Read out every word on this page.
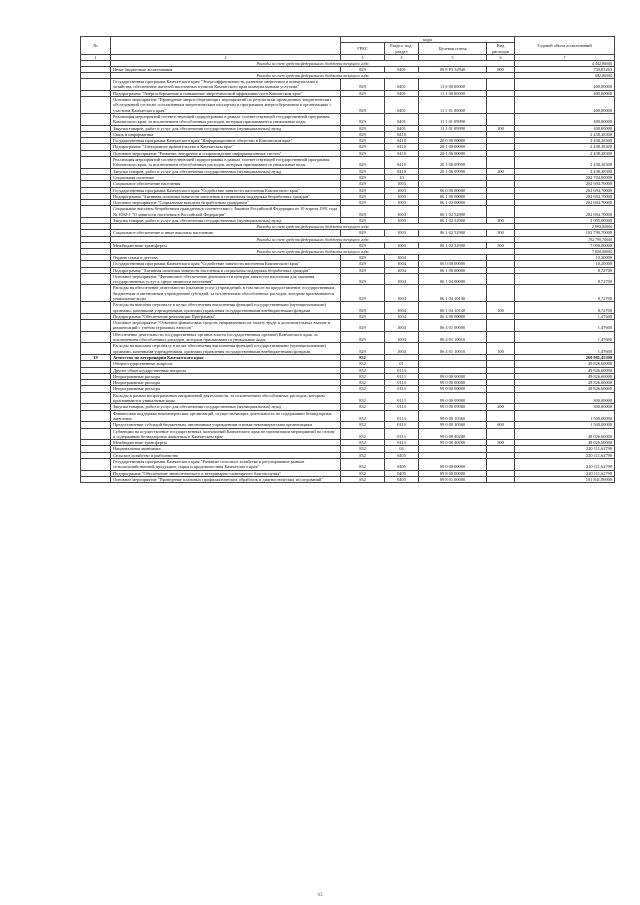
№		коды				Годовой объем ассигнований
		ГРБС	Раздел, под-раздел	Целевая статья	Вид расходов	
1	2	3	4	5	6	7
	Расходы за счет средств федерального бюджета текущего года					4 442,80000
	Иные бюджетные ассигнования	829	0401	06 9 Р3 52940	800	739,05263
	Расходы за счет средств федерального бюджета текущего года					692,80000
	Государственная программа Камчатского края "Энергоэффективность, развитие энергетики и коммунального хозяйства, обеспечение жителей населенных пунктов Камчатского края коммунальными услугами"	829	0401	11 0 00 00000		400,00000
	Подпрограмма "Энергосбережение и повышение энергетической эффективности в Камчатском крае"	829	0401	11 1 00 00000		400,00000
	Основное мероприятие "Проведение энергосберегающих мероприятий по результатам проведенных энергетических обследований согласно составленным энергетическим паспортам и программам энергосбережения в организациях с участием Камчатского края"	829	0401	11 1 01 00000		400,00000
	Реализация мероприятий соответствующей подпрограммы в рамках соответствующей государственной программы Камчатского края, за исключением обособленных расходов, которым присваиваются уникальные коды	829	0401	11 1 01 09990		400,00000
	Закупка товаров, работ и услуг для обеспечения государственных (муниципальных) нужд	829	0401	11 1 01 09990	200	400,00000
	Связь и информатика	829	0410			2 438,28300
	Государственная программа Камчатского края "Информационное общество в Камчатском крае"	829	0410	20 0 00 00000		2 438,28300
	Подпрограмма "Электронное правительство в Камчатском крае"	829	0410	20 1 00 00000		2 438,28300
	Основное мероприятие "Развитие, внедрение и сопровождение информационных систем"	829	0410	20 1 06 00000		2 438,28300
	Реализация мероприятий соответствующей подпрограммы в рамках соответствующей государственной программы Камчатского края, за исключением обособленных расходов, которым присваиваются уникальные коды	829	0410	20 1 06 09990		2 438,28300
	Закупка товаров, работ и услуг для обеспечения государственных (муниципальных) нужд	829	0410	20 1 06 09990	200	2 438,28300
	Социальная политика	829	10			202 704,90000
	Социальное обеспечение населения	829	1003			202 694,70000
	Государственная программа Камчатского края "Содействие занятости населения Камчатского края"	829	1003	06 0 00 00000		202 694,70000
	Подпрограмма "Активная политика занятости населения и социальная поддержка безработных граждан"	829	1003	06 1 00 00000		202 694,70000
	Основное мероприятие "Социальные выплаты безработным гражданам"	829	1003	06 1 02 00000		202 694,70000
	Социальные выплаты безработным гражданам в соответствии с Законом Российской Федерации от 19 апреля 1991 года № 1032-1 "О занятости населения в Российской Федерации"	829	1003	06 1 02 52900		202 694,70000
	Закупка товаров, работ и услуг для обеспечения государственных (муниципальных) нужд	829	1003	06 1 02 52900	200	2 995,00000
	Расходы за счет средств федерального бюджета текущего года					2 995,00000
	Социальное обеспечение и иные выплаты населению	829	1003	06 1 02 52900	300	192 799,70000
	Расходы за счет средств федерального бюджета текущего года					192 799,70000
	Межбюджетные трансферты	829	1003	06 1 02 52900	500	7 000,00000
	Расходы за счет средств федерального бюджета текущего года					7 000,00000
	Охрана семьи и детства	829	1004			10,20000
	Государственная программа Камчатского края "Содействие занятости населения Камчатского края"	829	1004	06 0 00 00000		10,20000
	Подпрограмма "Активная политика занятости населения и социальная поддержка безработных граждан"	829	1004	06 1 00 00000		8,72700
	Основное мероприятие "Финансовое обеспечение деятельности центров занятости населения для оказания государственных услуг в сфере занятости населения"	829	1004	06 1 04 00000		8,72700
	Расходы на обеспечение деятельности (оказание услуг) учреждений, в том числе на предоставление государственным бюджетным и автономным учреждениям субсидий, за исключением обособленных расходов, которым присваиваются уникальные коды	829	1004	06 1 04 10140		8,72700
	Расходы на выплаты персоналу в целях обеспечения выполнения функций государственными (муниципальными) органами, казенными учреждениями, органами управления государственными внебюджетными фондами	829	1004	06 1 04 10140	100	8,72700
	Подпрограмма "Обеспечение реализации Программы"	829	1004	06 4 00 00000		1,47600
	Основное мероприятие "Освоение финансовых средств, направленных на оплату труда и дополнительных выплат и компенсаций с учетом страховых взносов"	829	1004	06 4 01 00000		1,47600
	Обеспечение деятельности государственных органов власти (государственных органов) Камчатского края, за исключением обособленных расходов, которым присваиваются уникальные коды	829	1004	06 4 01 10010		1,47600
	Расходы на выплаты персоналу в целях обеспечения выполнения функций государственными (муниципальными) органами, казенными учреждениями, органами управления государственными внебюджетными фондами	829	1004	06 4 01 10010	100	1,47600
19	Агентство по ветеринарии Камчатского края	832				269 981,45390
	Общегосударственные вопросы	832	01			49 826,60000
	Другие общегосударственные вопросы	832	0113			49 826,60000
	Непрограммные расходы	832	0113	99 0 00 00000		49 826,60000
	Непрограммные расходы	832	0113	99 0 00 00000		49 826,60000
	Непрограммные расходы	832	0113	99 0 00 00000		49 826,60000
	Расходы в рамках непрограммных направлений деятельности, за исключением обособленных расходов, которым присваиваются уникальные коды	832	0113	99 0 00 09980		300,00000
	Закупка товаров, работ и услуг для обеспечения государственных (муниципальных) нужд	832	0113	99 0 00 09980	200	300,00000
	Финансовая поддержка некоммерческих организаций, осуществляющих деятельность по содержанию безнадзорных животных	832	0113	99 0 00 10360		1 500,00000
	Предоставление субсидий бюджетным, автономным учреждениям и иным некоммерческим организациям	832	0113	99 0 00 10360	600	1 500,00000
	Субвенции на осуществление государственных полномочий Камчатского края по организации мероприятий по отлову и содержанию безнадзорных животных в Камчатском крае	832	0113	99 0 00 40280		48 026,60000
	Межбюджетные трансферты	832	0113	99 0 00 40280	500	48 026,60000
	Национальная экономика	832	04			220 111,62790
	Сельское хозяйство и рыболовство	832	0405			220 111,62790
	Государственная программа Камчатского края "Развитие сельского хозяйства и регулирование рынков сельскохозяйственной продукции, сырья и продовольствия Камчатского края"	832	0405	09 0 00 00000		220 111,62790
	Подпрограмма "Обеспечение эпизоотического и ветеринарно-санитарного благополучия"	832	0405	09 8 00 00000		220 111,62790
	Основное мероприятие "Проведение плановых профилактических обработок и диагностических исследований"	832	0405	09 8 01 00000		181 841,89000
63
